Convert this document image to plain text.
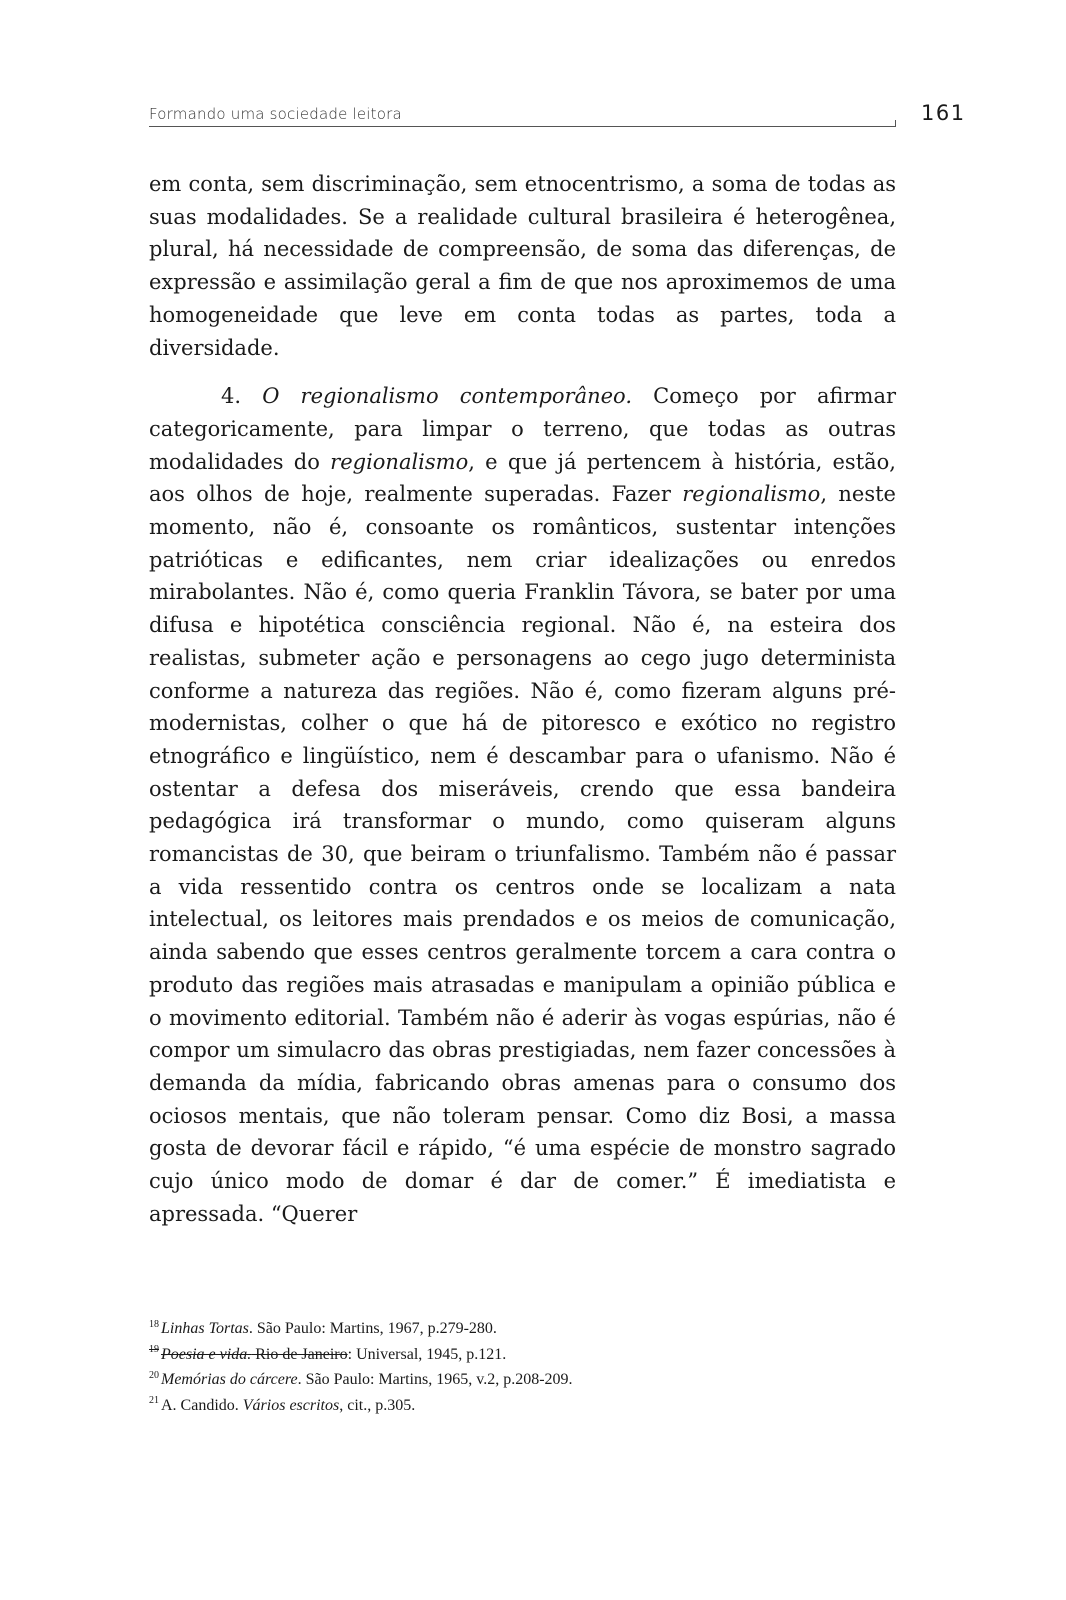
Formando uma sociedade leitora	161

em conta, sem discriminação, sem etnocentrismo, a soma de todas as suas modalidades. Se a realidade cultural brasileira é heterogênea, plural, há necessidade de compreensão, de soma das diferenças, de expressão e assimilação geral a fim de que nos aproximemos de uma homogeneidade que leve em conta todas as partes, toda a diversidade.

4. O regionalismo contemporâneo. Começo por afirmar categoricamente, para limpar o terreno, que todas as outras modalidades do regionalismo, e que já pertencem à história, estão, aos olhos de hoje, realmente superadas. Fazer regionalismo, neste momento, não é, consoante os românticos, sustentar intenções patrióticas e edificantes, nem criar idealizações ou enredos mirabolantes. Não é, como queria Franklin Távora, se bater por uma difusa e hipotética consciência regional. Não é, na esteira dos realistas, submeter ação e personagens ao cego jugo determinista conforme a natureza das regiões. Não é, como fizeram alguns pré-modernistas, colher o que há de pitoresco e exótico no registro etnográfico e lingüístico, nem é descambar para o ufanismo. Não é ostentar a defesa dos miseráveis, crendo que essa bandeira pedagógica irá transformar o mundo, como quiseram alguns romancistas de 30, que beiram o triunfalismo. Também não é passar a vida ressentido contra os centros onde se localizam a nata intelectual, os leitores mais prendados e os meios de comunicação, ainda sabendo que esses centros geralmente torcem a cara contra o produto das regiões mais atrasadas e manipulam a opinião pública e o movimento editorial. Também não é aderir às vogas espúrias, não é compor um simulacro das obras prestigiadas, nem fazer concessões à demanda da mídia, fabricando obras amenas para o consumo dos ociosos mentais, que não toleram pensar. Como diz Bosi, a massa gosta de devorar fácil e rápido, “é uma espécie de monstro sagrado cujo único modo de domar é dar de comer.” É imediatista e apressada. “Querer

$^{18}$ Linhas Tortas. São Paulo: Martins, 1967, p.279-280.

$^{19}$ Poesia e vida. Rio de Janeiro: Universal, 1945, p.121.

$^{20}$ Memórias do cárcere. São Paulo: Martins, 1965, v.2, p.208-209.

$^{21}$ A. Candido. Vários escritos, cit., p.305.
